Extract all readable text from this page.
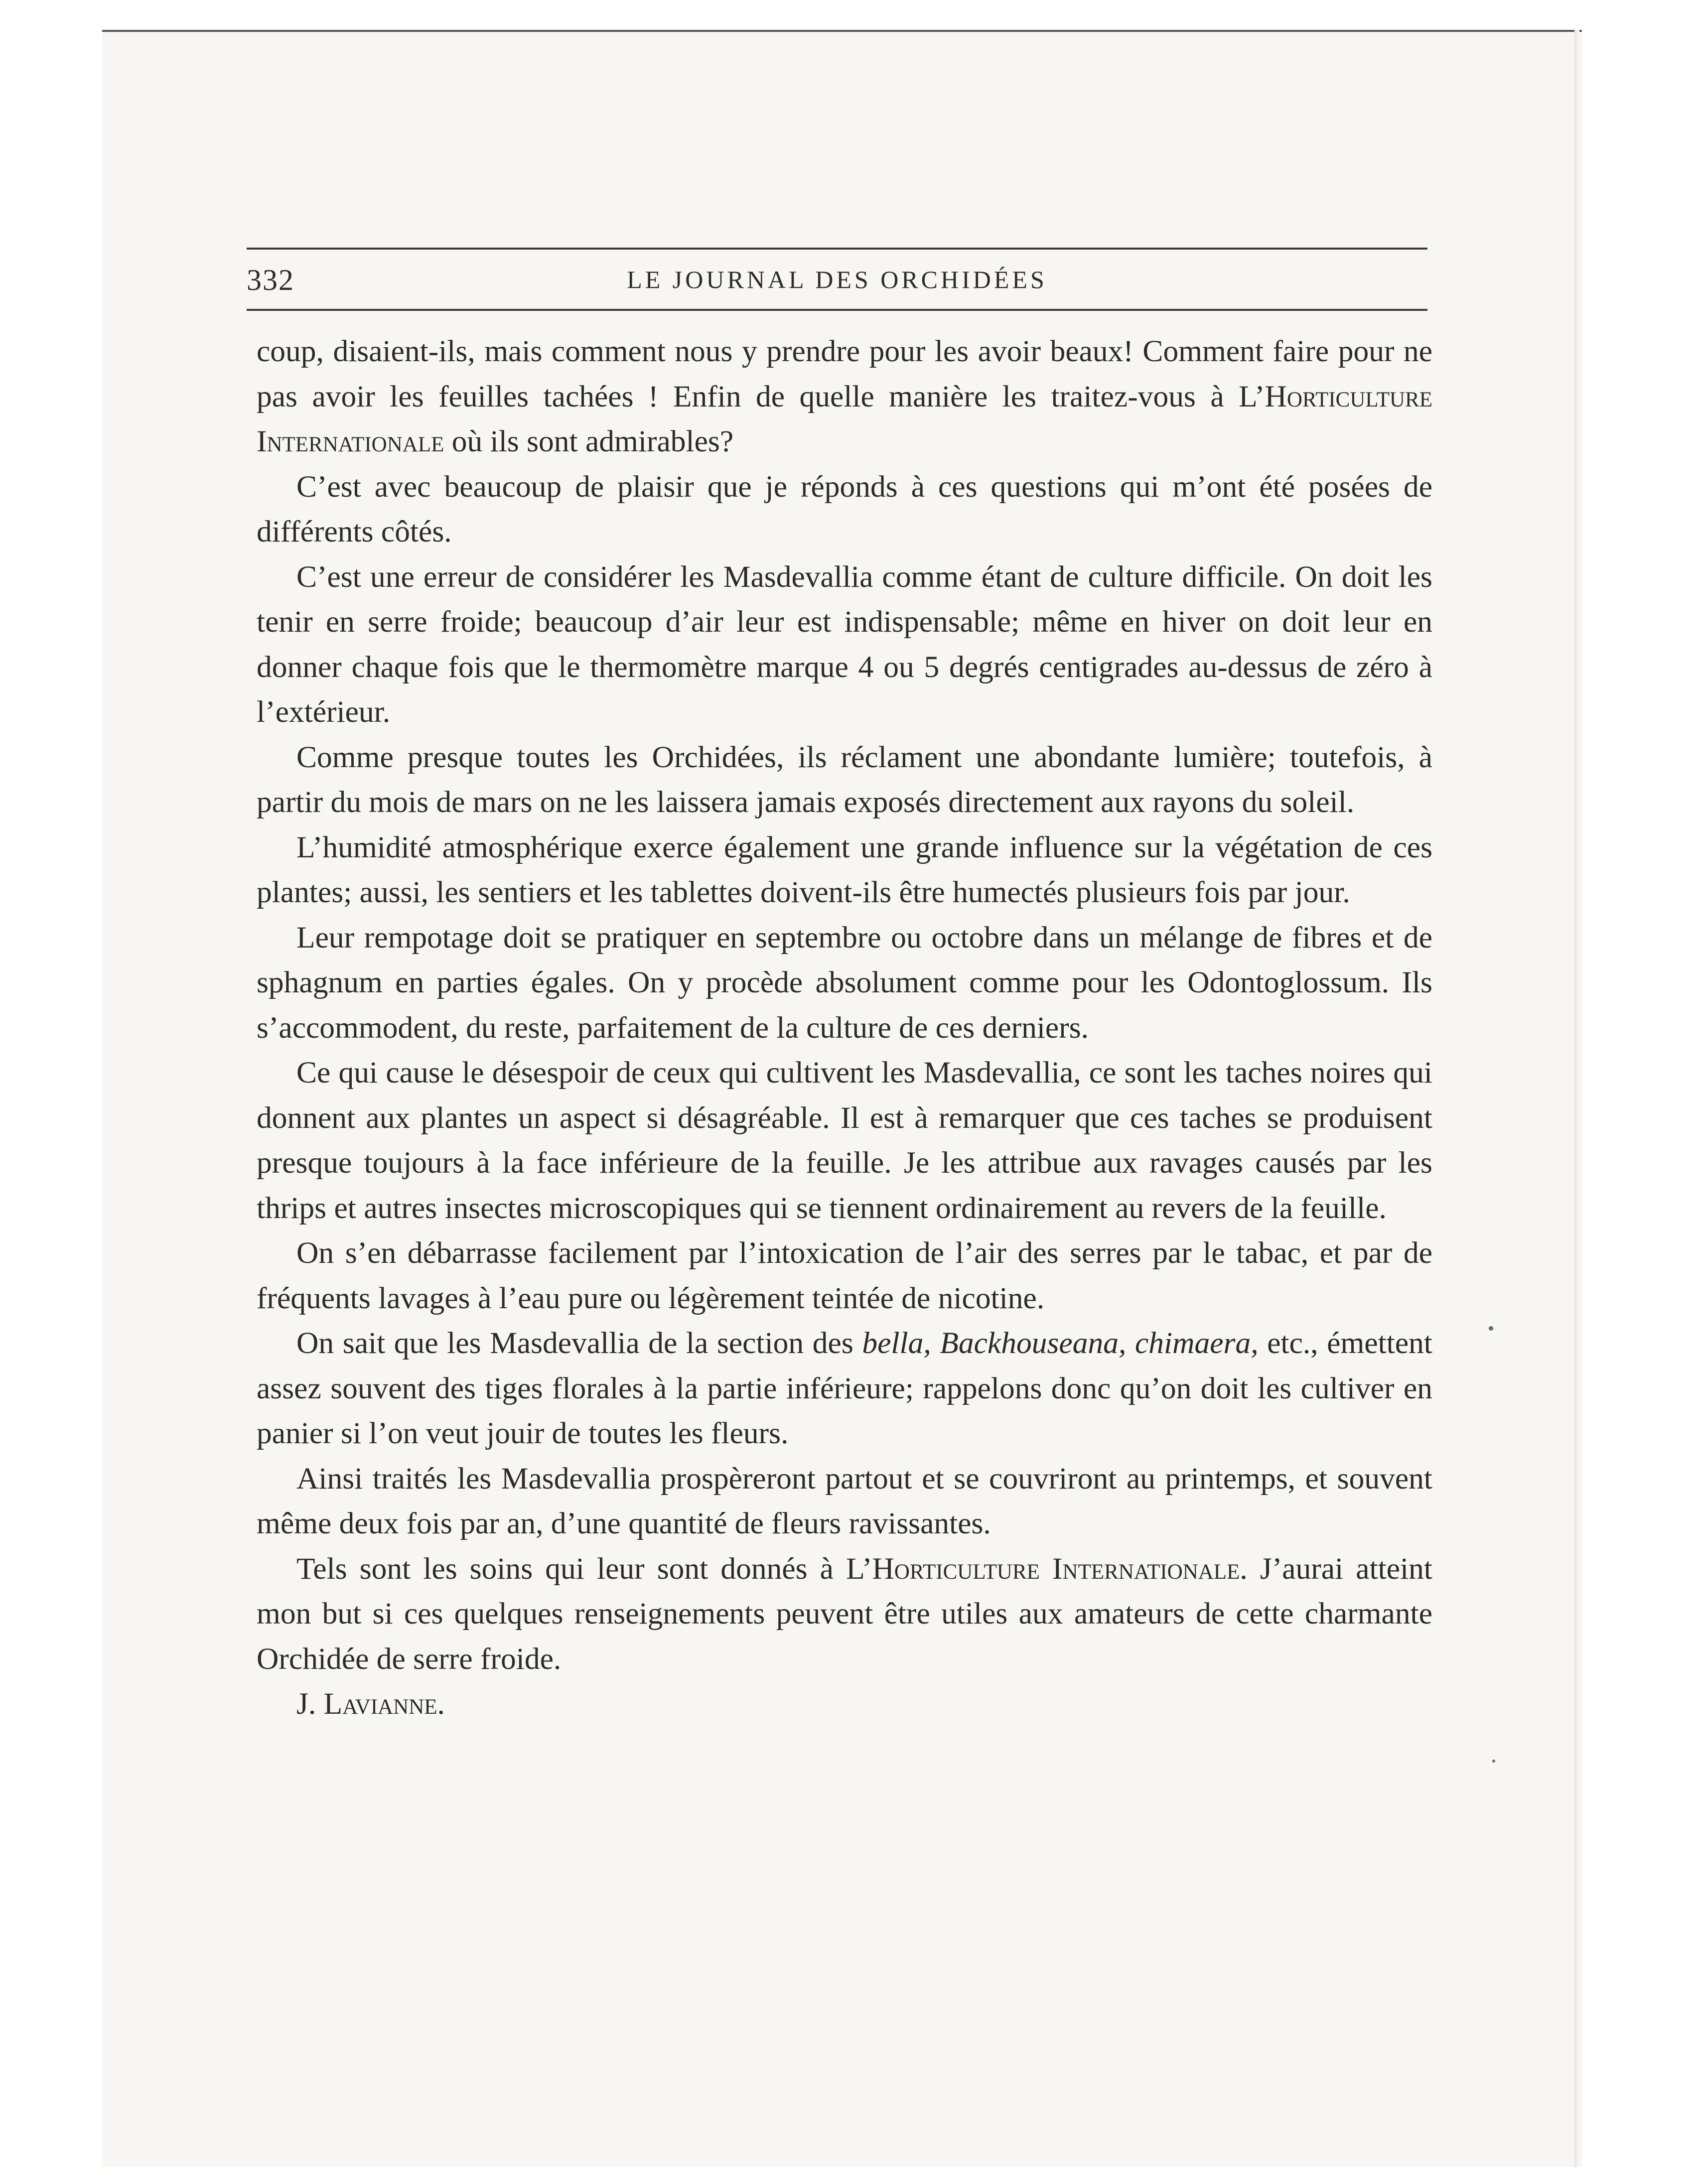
332	LE JOURNAL DES ORCHIDÉES

coup, disaient-ils, mais comment nous y prendre pour les avoir beaux! Comment faire pour ne pas avoir les feuilles tachées ! Enfin de quelle manière les traitez-vous à L’Horticulture Internationale où ils sont admirables?

C’est avec beaucoup de plaisir que je réponds à ces questions qui m’ont été posées de différents côtés.

C’est une erreur de considérer les Masdevallia comme étant de culture difficile. On doit les tenir en serre froide; beaucoup d’air leur est indispensable; même en hiver on doit leur en donner chaque fois que le thermomètre marque 4 ou 5 degrés centigrades au-dessus de zéro à l’extérieur.

Comme presque toutes les Orchidées, ils réclament une abondante lumière; toutefois, à partir du mois de mars on ne les laissera jamais exposés directement aux rayons du soleil.

L’humidité atmosphérique exerce également une grande influence sur la végétation de ces plantes; aussi, les sentiers et les tablettes doivent-ils être humectés plusieurs fois par jour.

Leur rempotage doit se pratiquer en septembre ou octobre dans un mélange de fibres et de sphagnum en parties égales. On y procède absolument comme pour les Odontoglossum. Ils s’accommodent, du reste, parfaitement de la culture de ces derniers.

Ce qui cause le désespoir de ceux qui cultivent les Masdevallia, ce sont les taches noires qui donnent aux plantes un aspect si désagréable. Il est à remarquer que ces taches se produisent presque toujours à la face inférieure de la feuille. Je les attribue aux ravages causés par les thrips et autres insectes microscopiques qui se tiennent ordinairement au revers de la feuille.

On s’en débarrasse facilement par l’intoxication de l’air des serres par le tabac, et par de fréquents lavages à l’eau pure ou légèrement teintée de nicotine.

On sait que les Masdevallia de la section des bella, Backhouseana, chimaera, etc., émettent assez souvent des tiges florales à la partie inférieure; rappelons donc qu’on doit les cultiver en panier si l’on veut jouir de toutes les fleurs.

Ainsi traités les Masdevallia prospèreront partout et se couvriront au printemps, et souvent même deux fois par an, d’une quantité de fleurs ravissantes.

Tels sont les soins qui leur sont donnés à L’Horticulture Internationale. J’aurai atteint mon but si ces quelques renseignements peuvent être utiles aux amateurs de cette charmante Orchidée de serre froide.

J. Lavianne.
